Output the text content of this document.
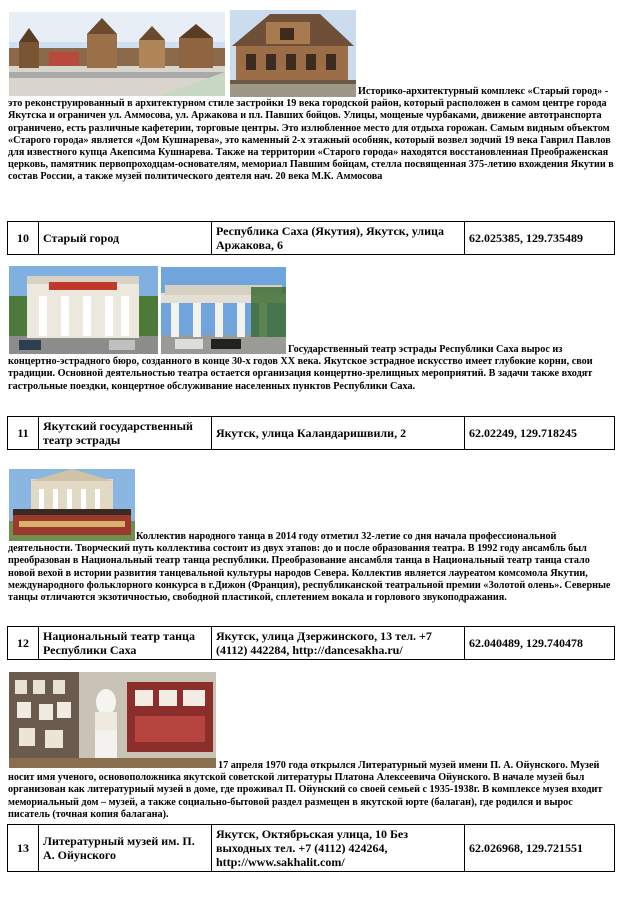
Историко-архитектурный комплекс «Старый город» - это реконструированный в архитектурном стиле застройки 19 века городской район, который расположен в самом центре города Якутска и ограничен ул. Аммосова, ул. Аржакова и пл. Павших бойцов. Улицы, мощеные чурбаками, движение автотранспорта ограничено, есть различные кафетерии, торговые центры. Это излюбленное место для отдыха горожан. Самым видным объектом «Старого города» является «Дом Кушнарева», это каменный 2-х этажный особняк, который возвел зодчий 19 века Гаврил Павлов для известного купца Акепсима Кушнарева. Также на территории «Старого города» находятся восстановленная Преображенская церковь, памятник первопроходцам-основателям, мемориал Павшим бойцам, стелла посвященная 375-летию вхождения Якутии в состав России, а также музей политического деятеля нач. 20 века М.К. Аммосова
10	Старый город	Республика Саха (Якутия), Якутск, улица Аржакова, 6	62.025385, 129.735489
Государственный театр эстрады Республики Саха вырос из концертно-эстрадного бюро, созданного в конце 30-х годов XX века. Якутское эстрадное искусство имеет глубокие корни, свои традиции. Основной деятельностью театра остается организация концертно-зрелищных мероприятий. В задачи также входят гастрольные поездки, концертное обслуживание населенных пунктов Республики Саха.
11	Якутский государственный театр эстрады	Якутск, улица Каландаришвили, 2	62.02249, 129.718245
Коллектив народного танца в 2014 году отметил 32-летие со дня начала профессиональной деятельности. Творческий путь коллектива состоит из двух этапов: до и после образования театра. В 1992 году ансамбль был преобразован в Национальный театр танца республики. Преобразование ансамбля танца в Национальный театр танца стало новой вехой в истории развития танцевальной культуры народов Севера. Коллектив является лауреатом комсомола Якутии, международного фольклорного конкурса в г.Дижон (Франция), республиканской театральной премии «Золотой олень». Северные танцы отличаются экзотичностью, свободной пластикой, сплетением вокала и горлового звукоподражания.
12	Национальный театр танца Республики Саха	Якутск, улица Дзержинского, 13 тел. +7 (4112) 442284, http://dancesakha.ru/	62.040489, 129.740478
17 апреля 1970 года открылся Литературный музей имени П. А. Ойунского. Музей носит имя ученого, основоположника якутской советской литературы Платона Алексеевича Ойунского. В начале музей был организован как литературный музей в доме, где проживал П. Ойунский со своей семьей с 1935-1938г. В комплексе музея входит мемориальный дом – музей, а также социально-бытовой раздел размещен в якутской юрте (балаган), где родился и вырос писатель (точная копия балагана).
13	Литературный музей им. П. А. Ойунского	Якутск, Октябрьская улица, 10 Без выходных тел. +7 (4112) 424264, http://www.sakhalit.com/	62.026968, 129.721551
